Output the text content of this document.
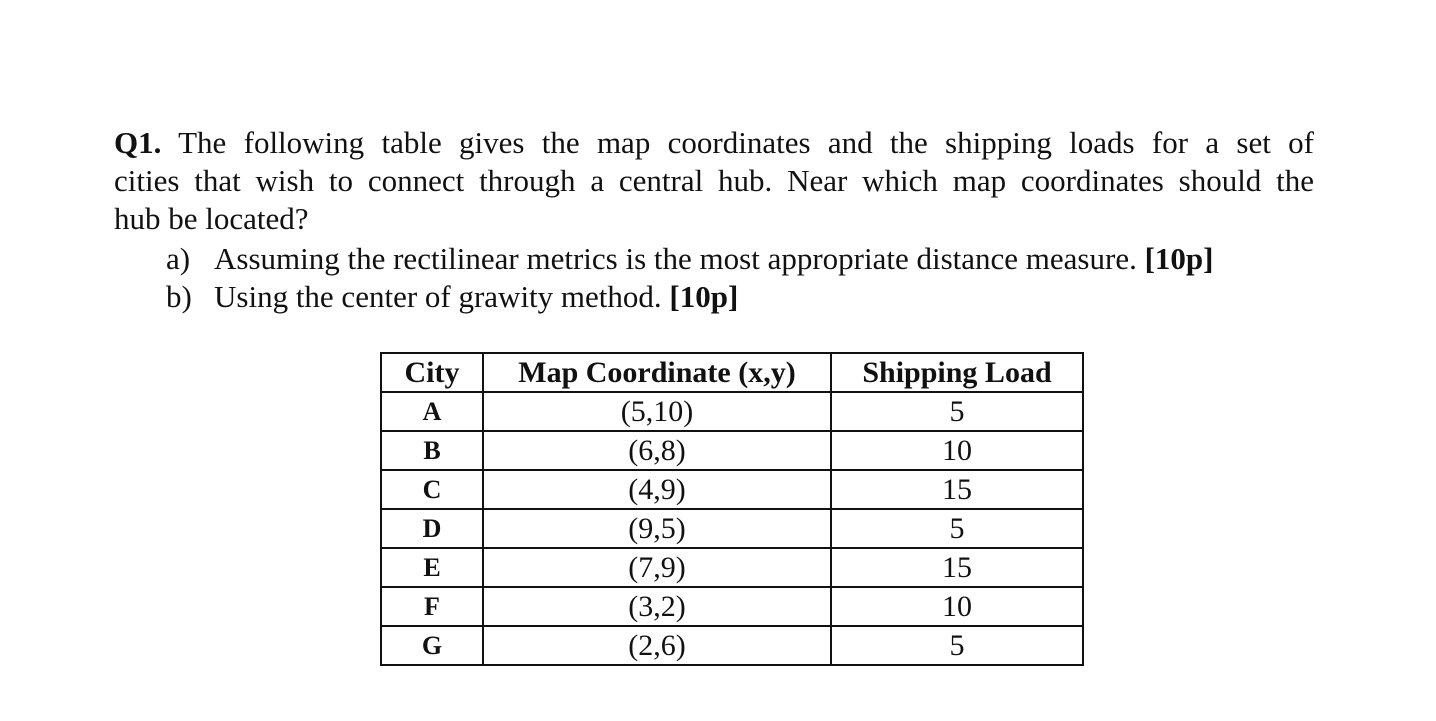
Q1. The following table gives the map coordinates and the shipping loads for a set of
cities that wish to connect through a central hub. Near which map coordinates should the
hub be located?
a) Assuming the rectilinear metrics is the most appropriate distance measure. [10p]
b) Using the center of grawity method. [10p]
City	Map Coordinate (x,y)	Shipping Load
A	(5,10)	5
B	(6,8)	10
C	(4,9)	15
D	(9,5)	5
E	(7,9)	15
F	(3,2)	10
G	(2,6)	5
